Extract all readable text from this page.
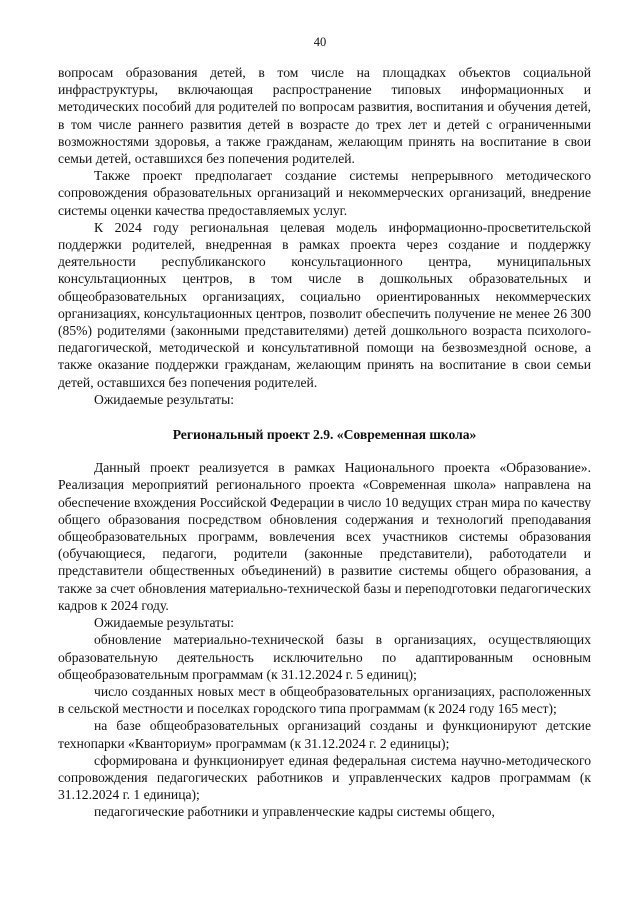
40

вопросам образования детей, в том числе на площадках объектов социальной инфраструктуры, включающая распространение типовых информационных и методических пособий для родителей по вопросам развития, воспитания и обучения детей, в том числе раннего развития детей в возрасте до трех лет и детей с ограниченными возможностями здоровья, а также гражданам, желающим принять на воспитание в свои семьи детей, оставшихся без попечения родителей.

Также проект предполагает создание системы непрерывного методического сопровождения образовательных организаций и некоммерческих организаций, внедрение системы оценки качества предоставляемых услуг.

К 2024 году региональная целевая модель информационно-просветительской поддержки родителей, внедренная в рамках проекта через создание и поддержку деятельности республиканского консультационного центра, муниципальных консультационных центров, в том числе в дошкольных образовательных и общеобразовательных организациях, социально ориентированных некоммерческих организациях, консультационных центров, позволит обеспечить получение не менее 26 300 (85%) родителями (законными представителями) детей дошкольного возраста психолого-педагогической, методической и консультативной помощи на безвозмездной основе, а также оказание поддержки гражданам, желающим принять на воспитание в свои семьи детей, оставшихся без попечения родителей.

Ожидаемые результаты:

Региональный проект 2.9. «Современная школа»

Данный проект реализуется в рамках Национального проекта «Образование». Реализация мероприятий регионального проекта «Современная школа» направлена на обеспечение вхождения Российской Федерации в число 10 ведущих стран мира по качеству общего образования посредством обновления содержания и технологий преподавания общеобразовательных программ, вовлечения всех участников системы образования (обучающиеся, педагоги, родители (законные представители), работодатели и представители общественных объединений) в развитие системы общего образования, а также за счет обновления материально-технической базы и переподготовки педагогических кадров к 2024 году.

Ожидаемые результаты:

обновление материально-технической базы в организациях, осуществляющих образовательную деятельность исключительно по адаптированным основным общеобразовательным программам (к 31.12.2024 г. 5 единиц);

число созданных новых мест в общеобразовательных организациях, расположенных в сельской местности и поселках городского типа программам (к 2024 году 165 мест);

на базе общеобразовательных организаций созданы и функционируют детские технопарки «Кванториум» программам (к 31.12.2024 г. 2 единицы);

сформирована и функционирует единая федеральная система научно-методического сопровождения педагогических работников и управленческих кадров программам (к 31.12.2024 г. 1 единица);

педагогические работники и управленческие кадры системы общего,
